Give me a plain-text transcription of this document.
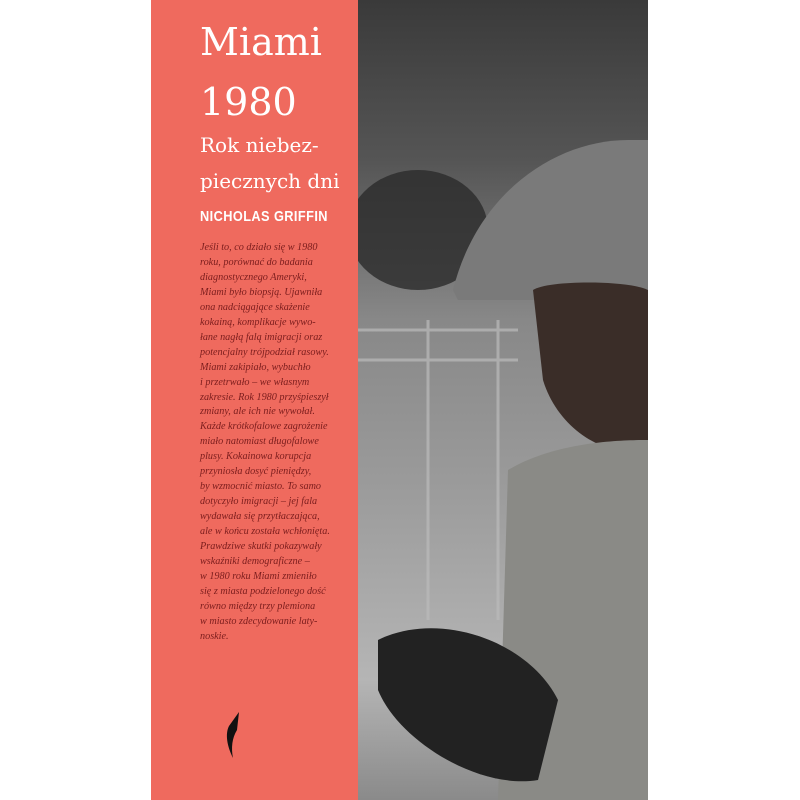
Miami
1980
Rok niebez-
piecznych dni
NICHOLAS GRIFFIN
Jeśli to, co działo się w 1980
roku, porównać do badania
diagnostycznego Ameryki,
Miami było biopsją. Ujawniła
ona nadciągające skażenie
kokainą, komplikacje wywo-
łane nagłą falą imigracji oraz
potencjalny trójpodział rasowy.
Miami zakipiało, wybuchło
i przetrwało – we własnym
zakresie. Rok 1980 przyśpieszył
zmiany, ale ich nie wywołał.
Każde krótkofalowe zagrożenie
miało natomiast długofalowe
plusy. Kokainowa korupcja
przyniosła dosyć pieniędzy,
by wzmocnić miasto. To samo
dotyczyło imigracji – jej fala
wydawała się przytłaczająca,
ale w końcu została wchłonięta.
Prawdziwe skutki pokazywały
wskaźniki demograficzne –
w 1980 roku Miami zmieniło
się z miasta podzielonego dość
równo między trzy plemiona
w miasto zdecydowanie laty-
noskie.
